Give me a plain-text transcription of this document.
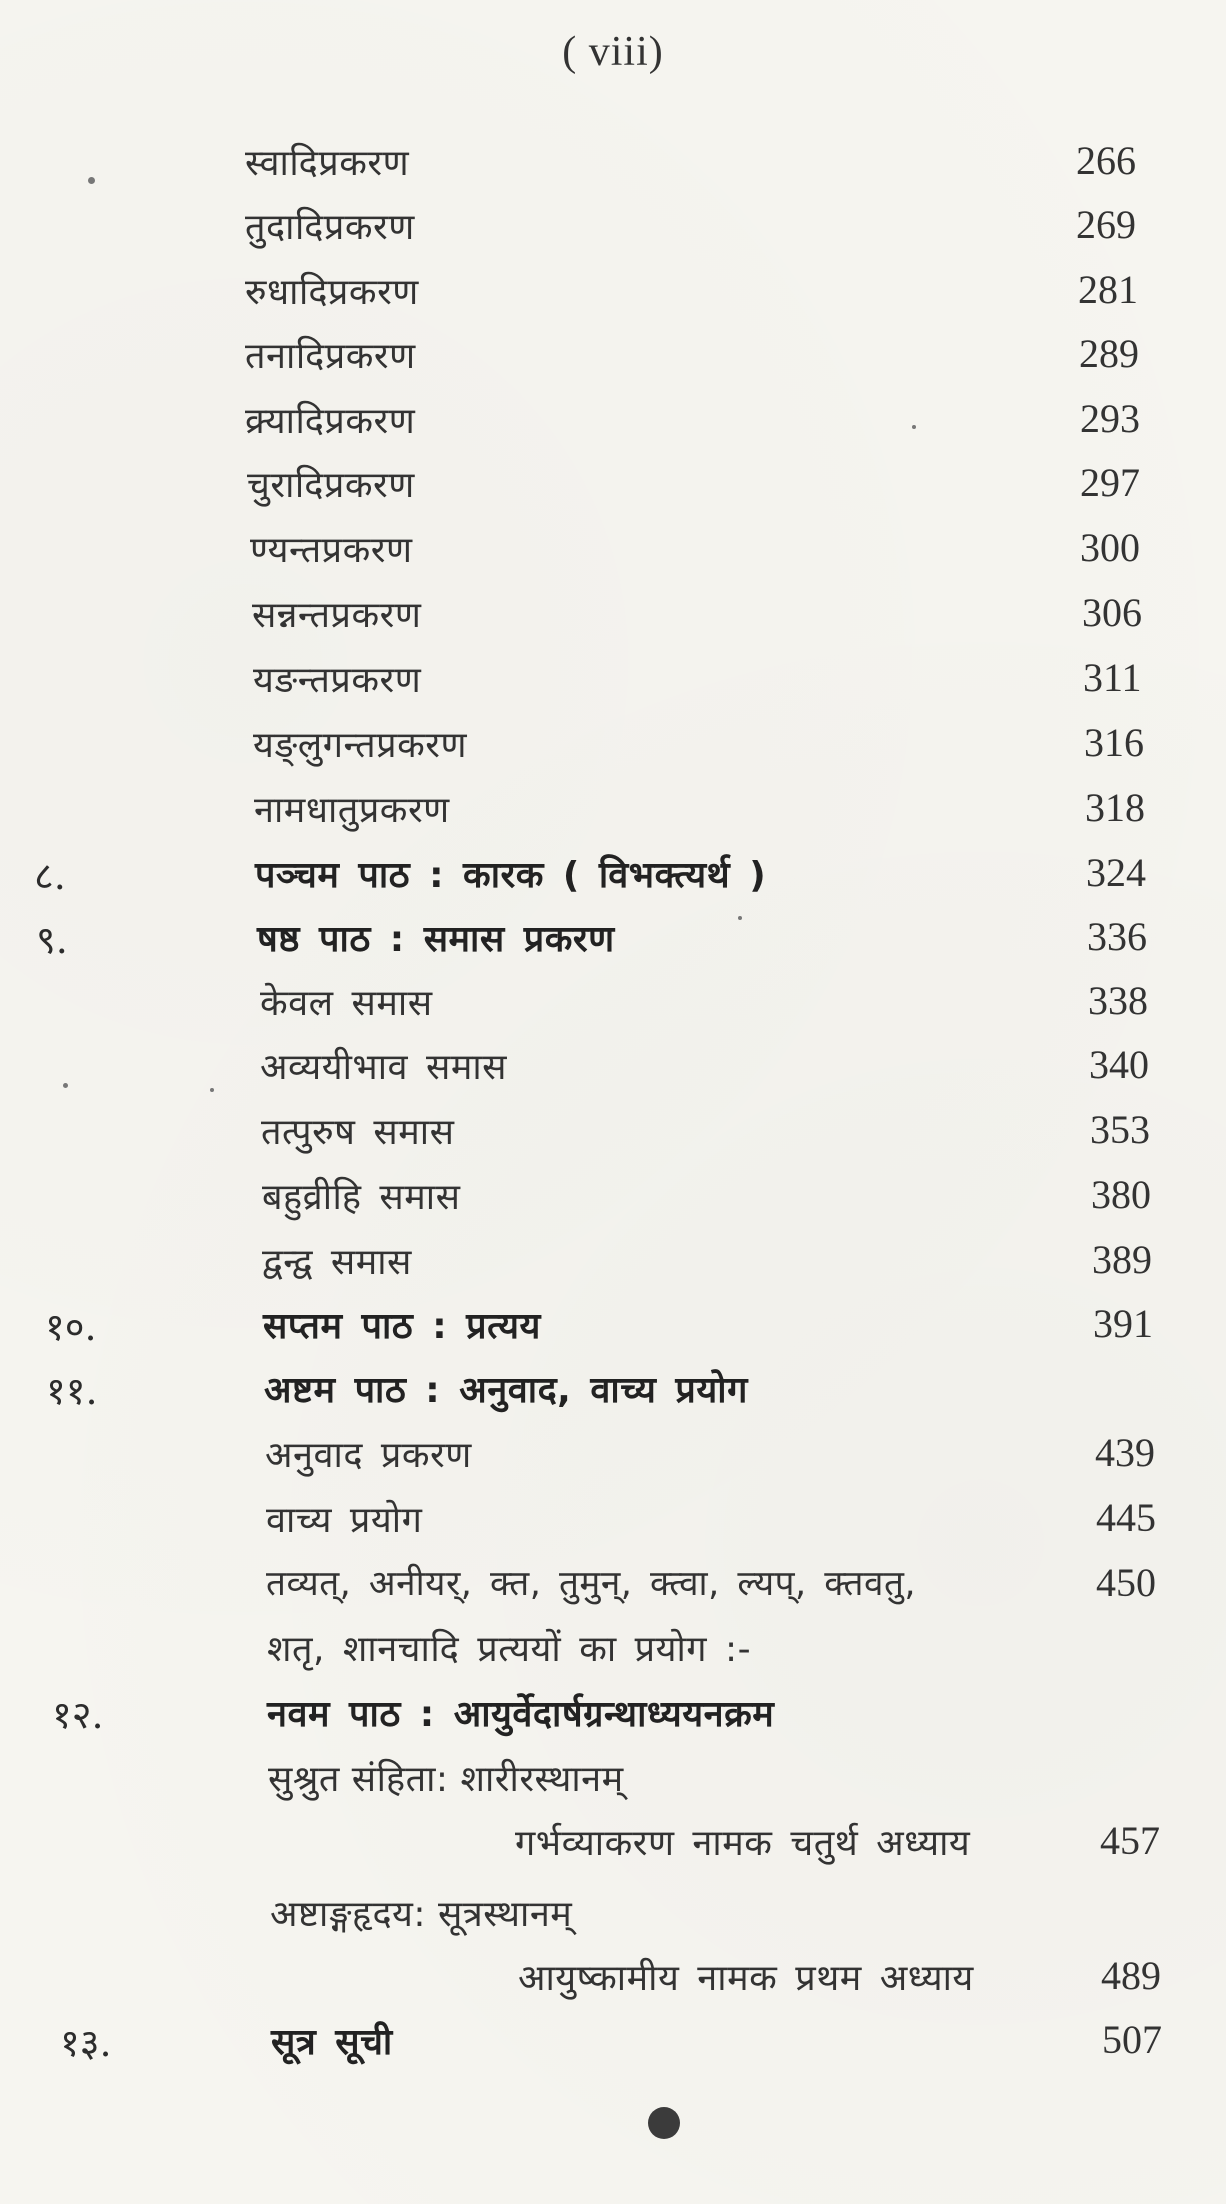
( viii)
स्वादिप्रकरण	266
तुदादिप्रकरण	269
रुधादिप्रकरण	281
तनादिप्रकरण	289
क्र्यादिप्रकरण	293
चुरादिप्रकरण	297
ण्यन्तप्रकरण	300
सन्नन्तप्रकरण	306
यङन्तप्रकरण	311
यङ्लुगन्तप्रकरण	316
नामधातुप्रकरण	318
८.	पञ्चम पाठ : कारक ( विभक्त्यर्थ )	324
९.	षष्ठ पाठ : समास प्रकरण	336
केवल समास	338
अव्ययीभाव समास	340
तत्पुरुष समास	353
बहुव्रीहि समास	380
द्वन्द्व समास	389
१०.	सप्तम पाठ : प्रत्यय	391
११.	अष्टम पाठ : अनुवाद, वाच्य प्रयोग
अनुवाद प्रकरण	439
वाच्य प्रयोग	445
तव्यत्, अनीयर्, क्त, तुमुन्, क्त्वा, ल्यप्, क्तवतु,	450
शतृ, शानचादि प्रत्ययों का प्रयोग :-
१२.	नवम पाठ : आयुर्वेदार्षग्रन्थाध्ययनक्रम
सुश्रुत संहिता: शारीरस्थानम्
गर्भव्याकरण नामक चतुर्थ अध्याय	457
अष्टाङ्गहृदय: सूत्रस्थानम्
आयुष्कामीय नामक प्रथम अध्याय	489
१३.	सूत्र सूची	507
